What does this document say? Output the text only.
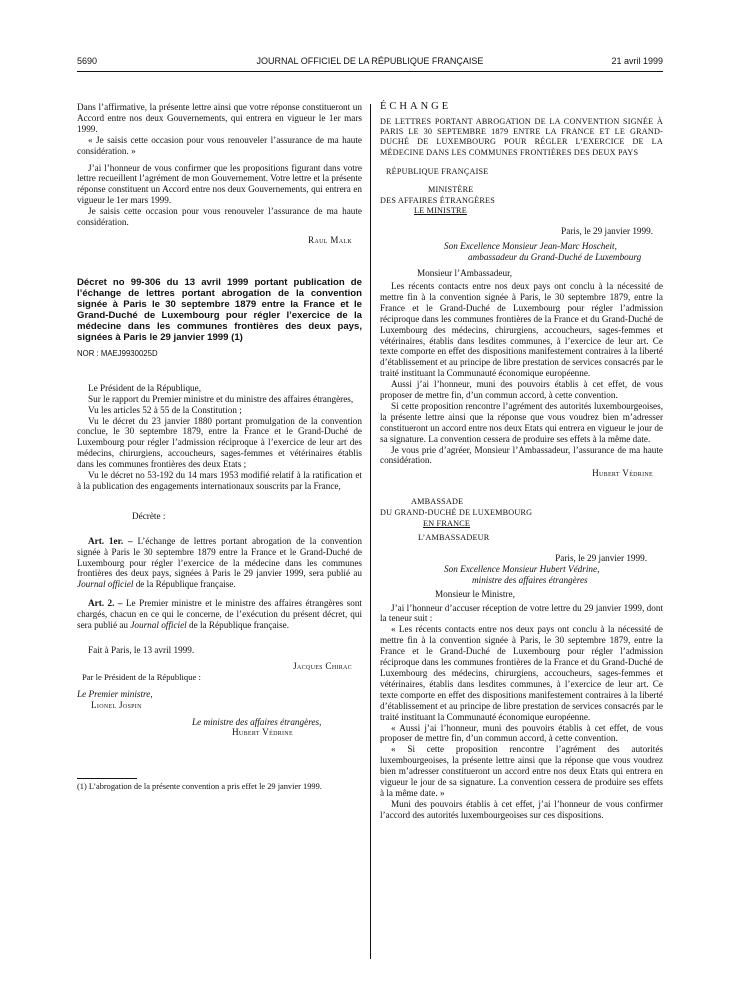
5690	JOURNAL OFFICIEL DE LA RÉPUBLIQUE FRANÇAISE	21 avril 1999

Dans l’affirmative, la présente lettre ainsi que votre réponse constitueront un Accord entre nos deux Gouvernements, qui entrera en vigueur le 1er mars 1999.

« Je saisis cette occasion pour vous renouveler l’assurance de ma haute considération. »

J’ai l’honneur de vous confirmer que les propositions figurant dans votre lettre recueillent l’agrément de mon Gouvernement. Votre lettre et la présente réponse constituent un Accord entre nos deux Gouvernements, qui entrera en vigueur le 1er mars 1999.

Je saisis cette occasion pour vous renouveler l’assurance de ma haute considération.

Raul Malk

Décret no 99-306 du 13 avril 1999 portant publication de l’échange de lettres portant abrogation de la convention signée à Paris le 30 septembre 1879 entre la France et le Grand-Duché de Luxembourg pour régler l’exercice de la médecine dans les communes frontières des deux pays, signées à Paris le 29 janvier 1999 (1)

NOR : MAEJ9930025D

Le Président de la République,

Sur le rapport du Premier ministre et du ministre des affaires étrangères,

Vu les articles 52 à 55 de la Constitution ;

Vu le décret du 23 janvier 1880 portant promulgation de la convention conclue, le 30 septembre 1879, entre la France et le Grand-Duché de Luxembourg pour régler l’admission réciproque à l’exercice de leur art des médecins, chirurgiens, accoucheurs, sages-femmes et vétérinaires établis dans les communes frontières des deux Etats ;

Vu le décret no 53-192 du 14 mars 1953 modifié relatif à la ratification et à la publication des engagements internationaux souscrits par la France,

Décrète :

Art. 1er. – L’échange de lettres portant abrogation de la convention signée à Paris le 30 septembre 1879 entre la France et le Grand-Duché de Luxembourg pour régler l’exercice de la médecine dans les communes frontières des deux pays, signées à Paris le 29 janvier 1999, sera publié au Journal officiel de la République française.

Art. 2. – Le Premier ministre et le ministre des affaires étrangères sont chargés, chacun en ce qui le concerne, de l’exécution du présent décret, qui sera publié au Journal officiel de la République française.

Fait à Paris, le 13 avril 1999.

Jacques Chirac

Par le Président de la République :

Le Premier ministre,

Lionel Jospin

Le ministre des affaires étrangères,

Hubert Védrine

(1) L’abrogation de la présente convention a pris effet le 29 janvier 1999.

ÉCHANGE

DE LETTRES PORTANT ABROGATION DE LA CONVENTION SIGNÉE À PARIS LE 30 SEPTEMBRE 1879 ENTRE LA FRANCE ET LE GRAND-DUCHÉ DE LUXEMBOURG POUR RÉGLER L’EXERCICE DE LA MÉDECINE DANS LES COMMUNES FRONTIÈRES DES DEUX PAYS

RÉPUBLIQUE FRANÇAISE

MINISTÈRE

DES AFFAIRES ÉTRANGÈRES

LE MINISTRE

Paris, le 29 janvier 1999.

Son Excellence Monsieur Jean-Marc Hoscheit,

ambassadeur du Grand-Duché de Luxembourg

Monsieur l’Ambassadeur,

Les récents contacts entre nos deux pays ont conclu à la nécessité de mettre fin à la convention signée à Paris, le 30 septembre 1879, entre la France et le Grand-Duché de Luxembourg pour régler l’admission réciproque dans les communes frontières de la France et du Grand-Duché de Luxembourg des médecins, chirurgiens, accoucheurs, sages-femmes et vétérinaires, établis dans lesdites communes, à l’exercice de leur art. Ce texte comporte en effet des dispositions manifestement contraires à la liberté d’établissement et au principe de libre prestation de services consacrés par le traité instituant la Communauté économique européenne.

Aussi j’ai l’honneur, muni des pouvoirs établis à cet effet, de vous proposer de mettre fin, d’un commun accord, à cette convention.

Si cette proposition rencontre l’agrément des autorités luxembourgeoises, la présente lettre ainsi que la réponse que vous voudrez bien m’adresser constitueront un accord entre nos deux Etats qui entrera en vigueur le jour de sa signature. La convention cessera de produire ses effets à la même date.

Je vous prie d’agréer, Monsieur l’Ambassadeur, l’assurance de ma haute considération.

Hubert Védrine

AMBASSADE

DU GRAND-DUCHÉ DE LUXEMBOURG

EN FRANCE

L’AMBASSADEUR

Paris, le 29 janvier 1999.

Son Excellence Monsieur Hubert Védrine,

ministre des affaires étrangères

Monsieur le Ministre,

J’ai l’honneur d’accuser réception de votre lettre du 29 janvier 1999, dont la teneur suit :

« Les récents contacts entre nos deux pays ont conclu à la nécessité de mettre fin à la convention signée à Paris, le 30 septembre 1879, entre la France et le Grand-Duché de Luxembourg pour régler l’admission réciproque dans les communes frontières de la France et du Grand-Duché de Luxembourg des médecins, chirurgiens, accoucheurs, sages-femmes et vétérinaires, établis dans lesdites communes, à l’exercice de leur art. Ce texte comporte en effet des dispositions manifestement contraires à la liberté d’établissement et au principe de libre prestation de services consacrés par le traité instituant la Communauté économique européenne.

« Aussi j’ai l’honneur, muni des pouvoirs établis à cet effet, de vous proposer de mettre fin, d’un commun accord, à cette convention.

« Si cette proposition rencontre l’agrément des autorités luxembourgeoises, la présente lettre ainsi que la réponse que vous voudrez bien m’adresser constitueront un accord entre nos deux Etats qui entrera en vigueur le jour de sa signature. La convention cessera de produire ses effets à la même date. »

Muni des pouvoirs établis à cet effet, j’ai l’honneur de vous confirmer l’accord des autorités luxembourgeoises sur ces dispositions.
